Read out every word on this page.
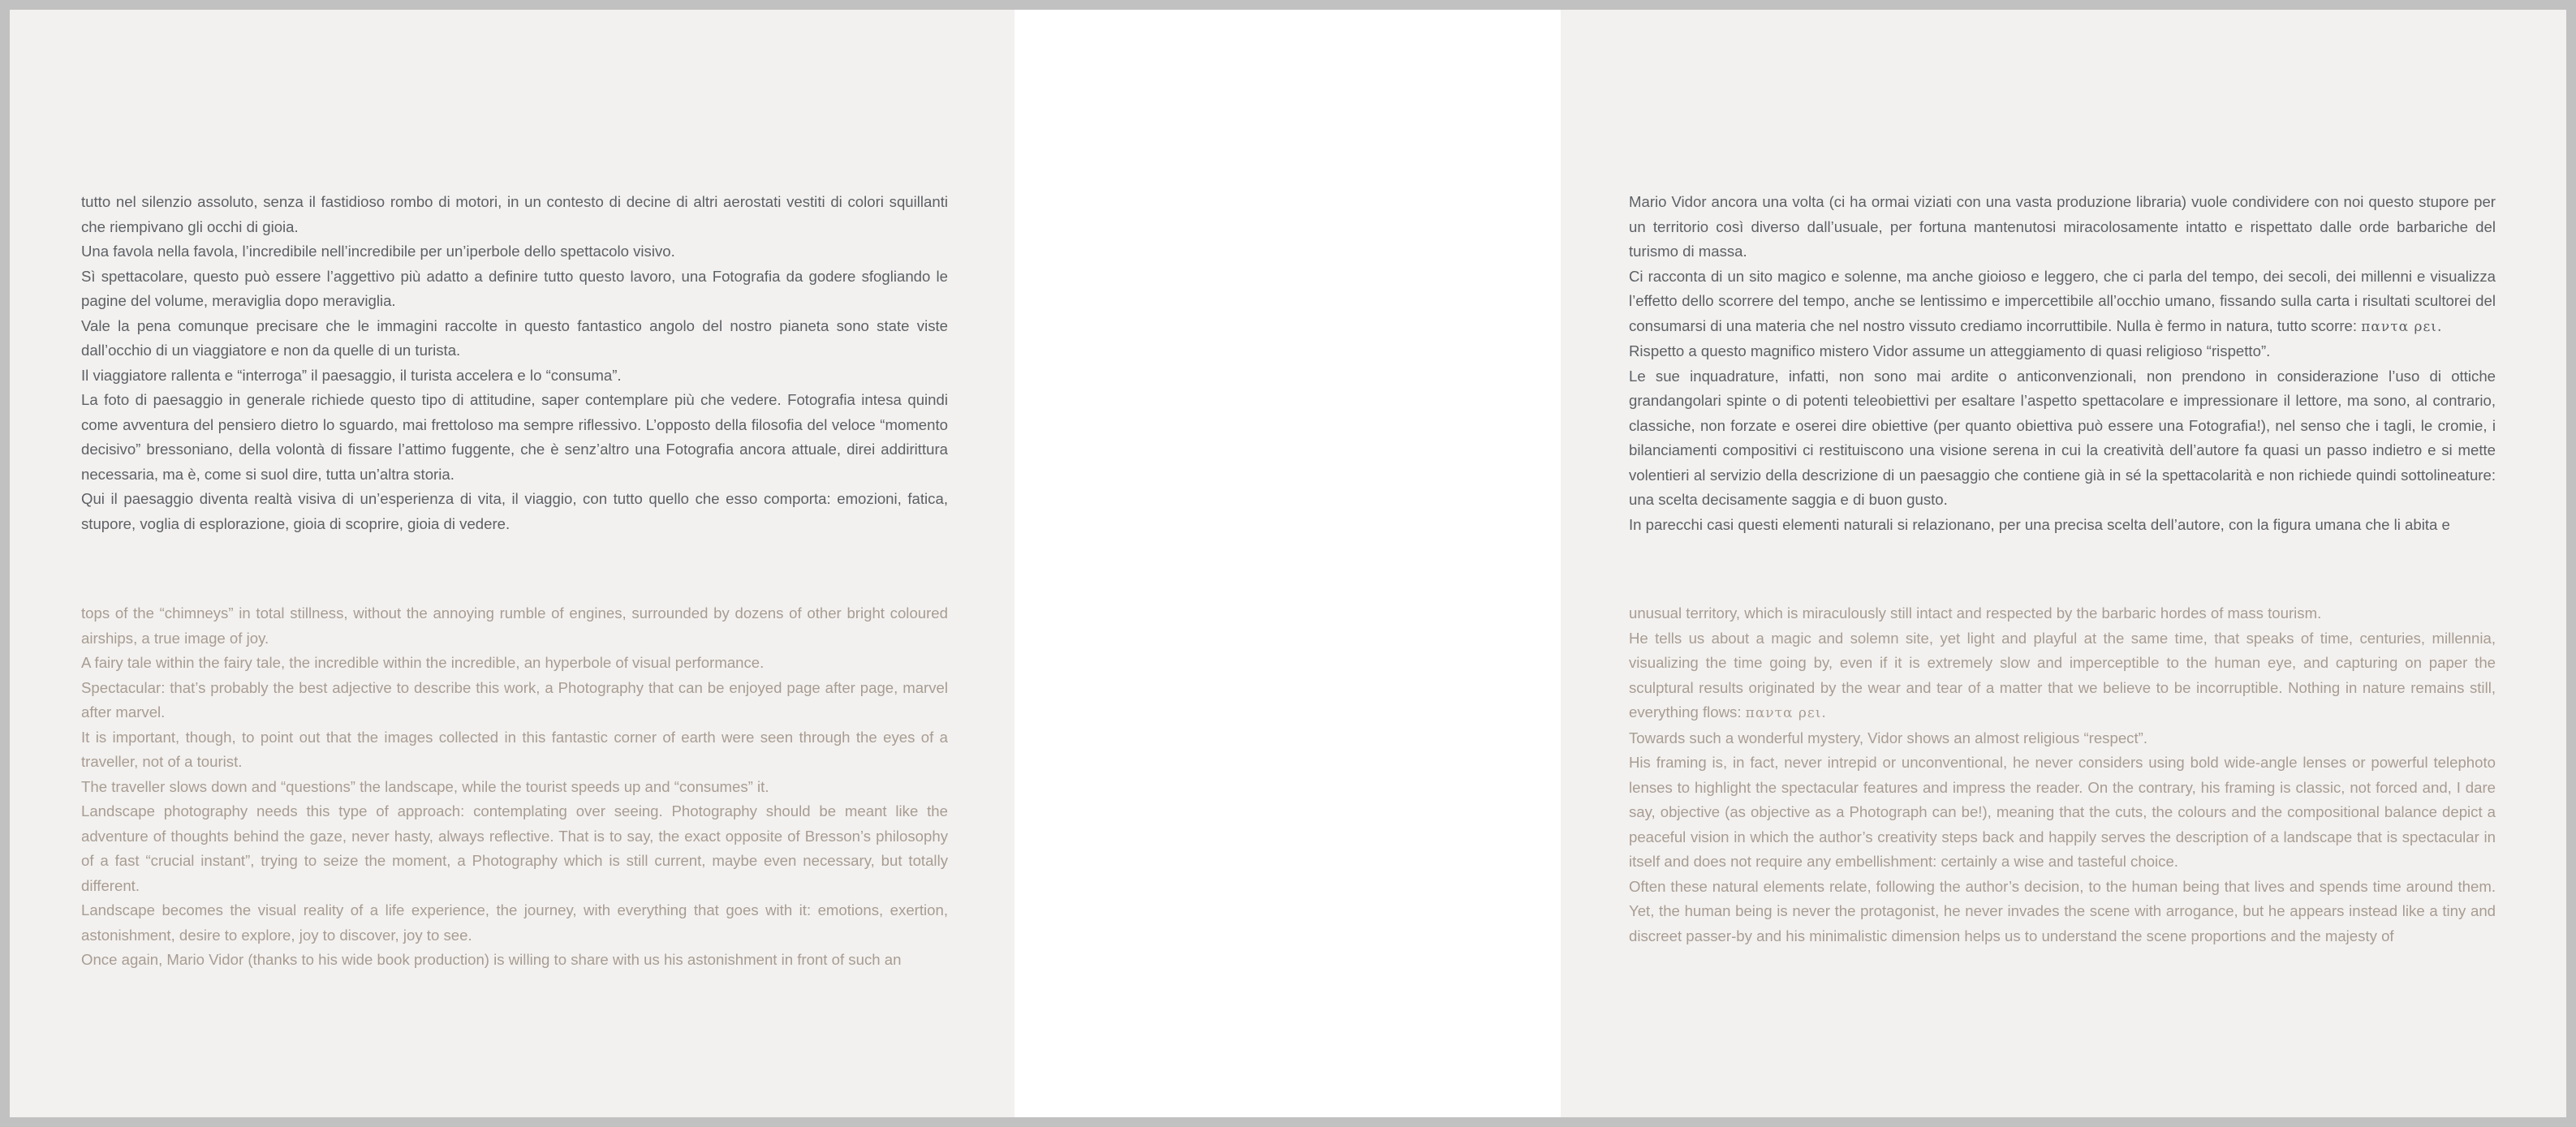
tutto nel silenzio assoluto, senza il fastidioso rombo di motori, in un contesto di decine di altri aerostati vestiti di colori squillanti che riempivano gli occhi di gioia.

Una favola nella favola, l’incredibile nell’incredibile per un’iperbole dello spettacolo visivo.

Sì spettacolare, questo può essere l’aggettivo più adatto a definire tutto questo lavoro, una Fotografia da godere sfogliando le pagine del volume, meraviglia dopo meraviglia.

Vale la pena comunque precisare che le immagini raccolte in questo fantastico angolo del nostro pianeta sono state viste dall’occhio di un viaggiatore e non da quelle di un turista.

Il viaggiatore rallenta e “interroga” il paesaggio, il turista accelera e lo “consuma”.

La foto di paesaggio in generale richiede questo tipo di attitudine, saper contemplare più che vedere. Fotografia intesa quindi come avventura del pensiero dietro lo sguardo, mai frettoloso ma sempre riflessivo. L’opposto della filosofia del veloce “momento decisivo” bressoniano, della volontà di fissare l’attimo fuggente, che è senz’altro una Fotografia ancora attuale, direi addirittura necessaria, ma è, come si suol dire, tutta un’altra storia.

Qui il paesaggio diventa realtà visiva di un’esperienza di vita, il viaggio, con tutto quello che esso comporta: emozioni, fatica, stupore, voglia di esplorazione, gioia di scoprire, gioia di vedere.

tops of the “chimneys” in total stillness, without the annoying rumble of engines, surrounded by dozens of other bright coloured airships, a true image of joy.

A fairy tale within the fairy tale, the incredible within the incredible, an hyperbole of visual performance.

Spectacular: that’s probably the best adjective to describe this work, a Photography that can be enjoyed page after page, marvel after marvel.

It is important, though, to point out that the images collected in this fantastic corner of earth were seen through the eyes of a traveller, not of a tourist.

The traveller slows down and “questions” the landscape, while the tourist speeds up and “consumes” it.

Landscape photography needs this type of approach: contemplating over seeing. Photography should be meant like the adventure of thoughts behind the gaze, never hasty, always reflective. That is to say, the exact opposite of Bresson’s philosophy of a fast “crucial instant”, trying to seize the moment, a Photography which is still current, maybe even necessary, but totally different.

Landscape becomes the visual reality of a life experience, the journey, with everything that goes with it: emotions, exertion, astonishment, desire to explore, joy to discover, joy to see.

Once again, Mario Vidor (thanks to his wide book production) is willing to share with us his astonishment in front of such an

Mario Vidor ancora una volta (ci ha ormai viziati con una vasta produzione libraria) vuole condividere con noi questo stupore per un territorio così diverso dall’usuale, per fortuna mantenutosi miracolosamente intatto e rispettato dalle orde barbariche del turismo di massa.

Ci racconta di un sito magico e solenne, ma anche gioioso e leggero, che ci parla del tempo, dei secoli, dei millenni e visualizza l’effetto dello scorrere del tempo, anche se lentissimo e impercettibile all’occhio umano, fissando sulla carta i risultati scultorei del consumarsi di una materia che nel nostro vissuto crediamo incorruttibile. Nulla è fermo in natura, tutto scorre: παντα ρει.

Rispetto a questo magnifico mistero Vidor assume un atteggiamento di quasi religioso “rispetto”.

Le sue inquadrature, infatti, non sono mai ardite o anticonvenzionali, non prendono in considerazione l’uso di ottiche grandangolari spinte o di potenti teleobiettivi per esaltare l’aspetto spettacolare e impressionare il lettore, ma sono, al contrario, classiche, non forzate e oserei dire obiettive (per quanto obiettiva può essere una Fotografia!), nel senso che i tagli, le cromie, i bilanciamenti compositivi ci restituiscono una visione serena in cui la creatività dell’autore fa quasi un passo indietro e si mette volentieri al servizio della descrizione di un paesaggio che contiene già in sé la spettacolarità e non richiede quindi sottolineature: una scelta decisamente saggia e di buon gusto.

In parecchi casi questi elementi naturali si relazionano, per una precisa scelta dell’autore, con la figura umana che li abita e

unusual territory, which is miraculously still intact and respected by the barbaric hordes of mass tourism.

He tells us about a magic and solemn site, yet light and playful at the same time, that speaks of time, centuries, millennia, visualizing the time going by, even if it is extremely slow and imperceptible to the human eye, and capturing on paper the sculptural results originated by the wear and tear of a matter that we believe to be incorruptible. Nothing in nature remains still, everything flows: παντα ρει.

Towards such a wonderful mystery, Vidor shows an almost religious “respect”.

His framing is, in fact, never intrepid or unconventional, he never considers using bold wide-angle lenses or powerful telephoto lenses to highlight the spectacular features and impress the reader. On the contrary, his framing is classic, not forced and, I dare say, objective (as objective as a Photograph can be!), meaning that the cuts, the colours and the compositional balance depict a peaceful vision in which the author’s creativity steps back and happily serves the description of a landscape that is spectacular in itself and does not require any embellishment: certainly a wise and tasteful choice.

Often these natural elements relate, following the author’s decision, to the human being that lives and spends time around them. Yet, the human being is never the protagonist, he never invades the scene with arrogance, but he appears instead like a tiny and discreet passer-by and his minimalistic dimension helps us to understand the scene proportions and the majesty of
